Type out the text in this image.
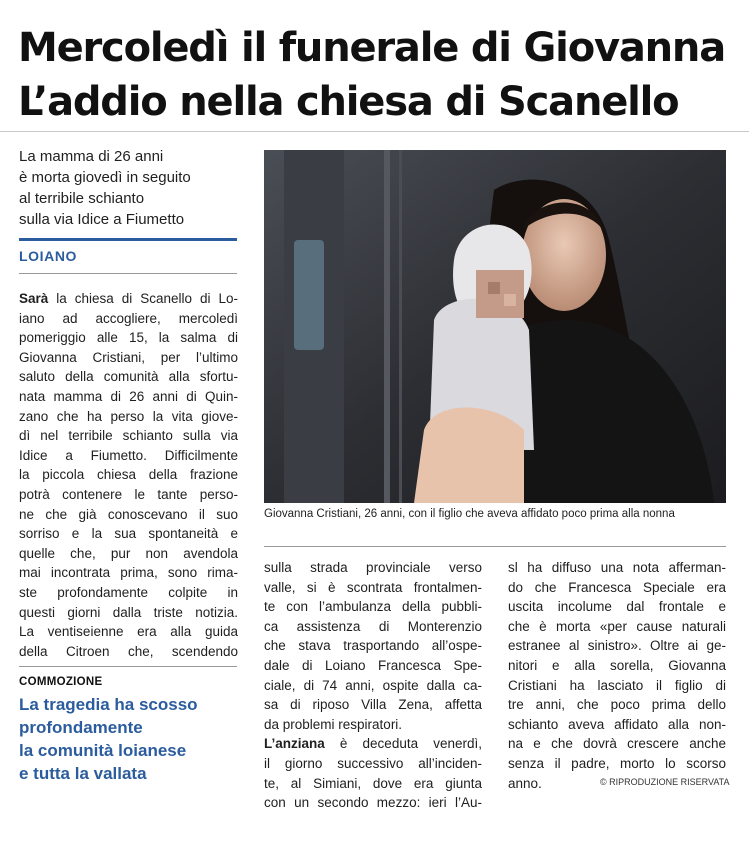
Mercoledì il funerale di Giovanna
L’addio nella chiesa di Scanello
La mamma di 26 anni
è morta giovedì in seguito
al terribile schianto
sulla via Idice a Fiumetto
LOIANO
Sarà la chiesa di Scanello di Lo-
iano ad accogliere, mercoledì
pomeriggio alle 15, la salma di
Giovanna Cristiani, per l’ultimo
saluto della comunità alla sfortu-
nata mamma di 26 anni di Quin-
zano che ha perso la vita giove-
dì nel terribile schianto sulla via
Idice a Fiumetto. Difficilmente
la piccola chiesa della frazione
potrà contenere le tante perso-
ne che già conoscevano il suo
sorriso e la sua spontaneità e
quelle che, pur non avendola
mai incontrata prima, sono rima-
ste profondamente colpite in
questi giorni dalla triste notizia.
La ventiseienne era alla guida
della Citroen che, scendendo
Giovanna Cristiani, 26 anni, con il figlio che aveva affidato poco prima alla nonna
sulla strada provinciale verso
valle, si è scontrata frontalmen-
te con l’ambulanza della pubbli-
ca assistenza di Monterenzio
che stava trasportando all’ospe-
dale di Loiano Francesca Spe-
ciale, di 74 anni, ospite dalla ca-
sa di riposo Villa Zena, affetta
da problemi respiratori.
L’anziana è deceduta venerdì,
il giorno successivo all’inciden-
te, al Simiani, dove era giunta
con un secondo mezzo: ieri l’Au-
sl ha diffuso una nota afferman-
do che Francesca Speciale era
uscita incolume dal frontale e
che è morta «per cause naturali
estranee al sinistro». Oltre ai ge-
nitori e alla sorella, Giovanna
Cristiani ha lasciato il figlio di
tre anni, che poco prima dello
schianto aveva affidato alla non-
na e che dovrà crescere anche
senza il padre, morto lo scorso
anno.
COMMOZIONE
La tragedia ha scosso
profondamente
la comunità loianese
e tutta la vallata	© RIPRODUZIONE RISERVATA
